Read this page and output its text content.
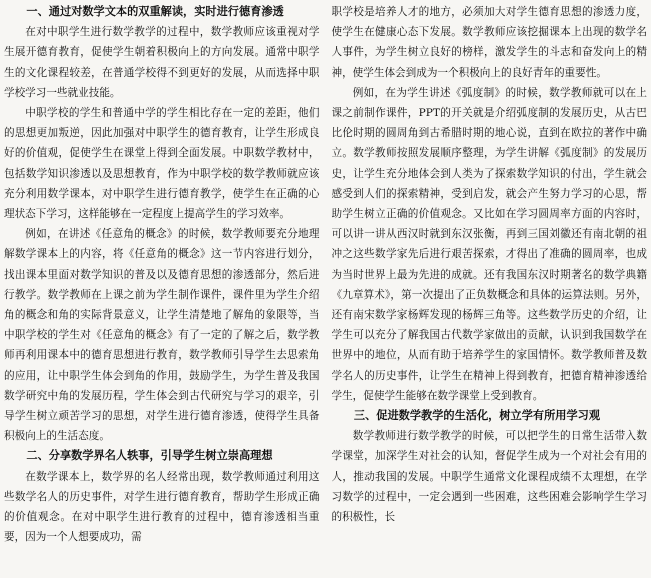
一、通过对数学文本的双重解读，实时进行德育渗透

在对中职学生进行数学教学的过程中，数学教师应该重视对学生展开德育教育，促使学生朝着积极向上的方向发展。通常中职学生的文化课程较差，在普通学校得不到更好的发展，从而选择中职学校学习一些就业技能。

中职学校的学生和普通中学的学生相比存在一定的差距，他们的思想更加叛逆，因此加强对中职学生的德育教育，让学生形成良好的价值观，促使学生在课堂上得到全面发展。中职数学教材中，包括数学知识渗透以及思想教育，作为中职学校的数学教师就应该充分利用数学课本，对中职学生进行德育教学，使学生在正确的心理状态下学习，这样能够在一定程度上提高学生的学习效率。

例如，在讲述《任意角的概念》的时候，数学教师要充分地理解数学课本上的内容，将《任意角的概念》这一节内容进行划分，找出课本里面对数学知识的普及以及德育思想的渗透部分，然后进行教学。数学教师在上课之前为学生制作课件，课件里为学生介绍角的概念和角的实际背景意义，让学生清楚地了解角的象限等，当中职学校的学生对《任意角的概念》有了一定的了解之后，数学教师再利用课本中的德育思想进行教育，数学教师引导学生去思索角的应用，让中职学生体会到角的作用，鼓励学生，为学生普及我国数学研究中角的发展历程，学生体会到古代研究与学习的艰辛，引导学生树立顽苦学习的思想，对学生进行德育渗透，使得学生具备积极向上的生活态度。

二、分享数学界名人轶事，引导学生树立崇高理想

在数学课本上，数学界的名人经常出现，数学教师通过利用这些数学名人的历史事件，对学生进行德育教育，帮助学生形成正确的价值观念。在对中职学生进行教育的过程中，德育渗透相当重要，因为一个人想要成功，需

职学校是培养人才的地方，必须加大对学生德育思想的渗透力度，使学生在健康心态下发展。数学教师应该挖掘课本上出现的数学名人事件，为学生树立良好的榜样，激发学生的斗志和奋发向上的精神，使学生体会到成为一个积极向上的良好青年的重要性。

例如，在为学生讲述《弧度制》的时候，数学教师就可以在上课之前制作课件，PPT的开关就是介绍弧度制的发展历史，从古巴比伦时期的圆周角到古希腊时期的地心说，直到在欧拉的著作中确立。数学教师按照发展顺序整理，为学生讲解《弧度制》的发展历史，让学生充分地体会到人类为了探索数学知识的付出，学生就会感受到人们的探索精神，受到启发，就会产生努力学习的心思，帮助学生树立正确的价值观念。又比如在学习圆周率方面的内容时，可以讲一讲从西汉时就到东汉张衡，再到三国刘徽还有南北朝的祖冲之这些数学家先后进行艰苦探索，才得出了准确的圆周率，也成为当时世界上最为先进的成就。还有我国东汉时期著名的数学典籍《九章算术》，第一次提出了正负数概念和具体的运算法则。另外，还有南宋数学家杨辉发现的杨辉三角等。这些数学历史的介绍，让学生可以充分了解我国古代数学家做出的贡献，认识到我国数学在世界中的地位，从而有助于培养学生的家国情怀。数学教师普及数学名人的历史事件，让学生在精神上得到教育，把德育精神渗透给学生，促使学生能够在数学课堂上受到教育。

三、促进数学教学的生活化，树立学有所用学习观

数学教师进行数学教学的时候，可以把学生的日常生活带入数学课堂，加深学生对社会的认知，督促学生成为一个对社会有用的人，推动我国的发展。中职学生通常文化课程成绩不太理想，在学习数学的过程中，一定会遇到一些困难，这些困难会影响学生学习的积极性，长
